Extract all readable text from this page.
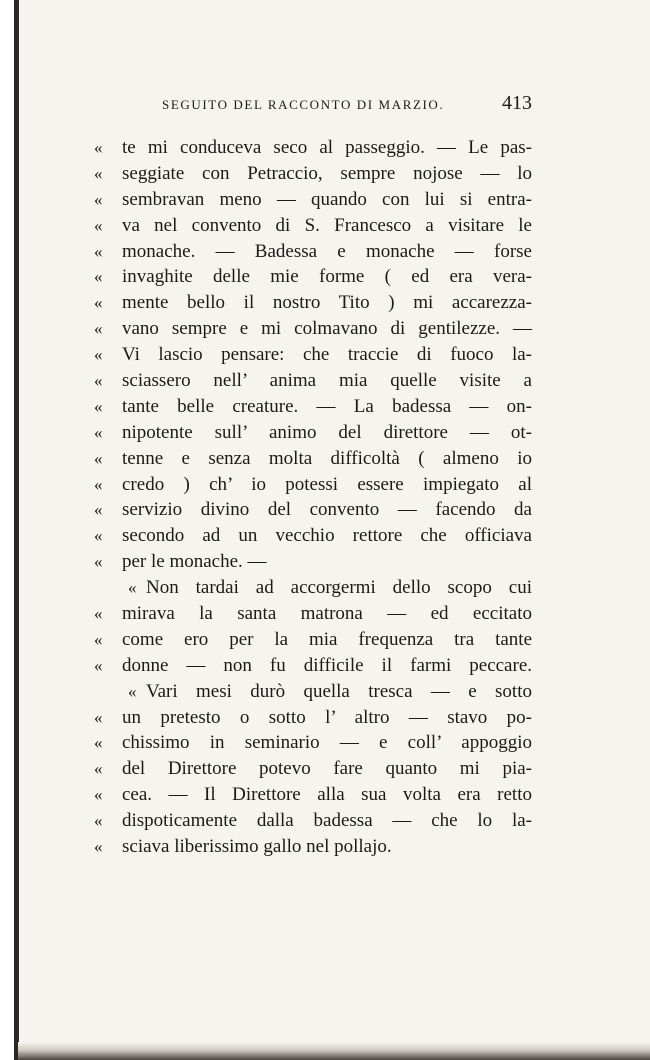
SEGUITO DEL RACCONTO DI MARZIO.	413
« te mi conduceva seco al passeggio. — Le pas-
« seggiate con Petraccio, sempre nojose — lo
« sembravan meno — quando con lui si entra-
« va nel convento di S. Francesco a visitare le
« monache. — Badessa e monache — forse
« invaghite delle mie forme ( ed era vera-
« mente bello il nostro Tito ) mi accarezza-
« vano sempre e mi colmavano di gentilezze. —
« Vi lascio pensare: che traccie di fuoco la-
« sciassero nell’ anima mia quelle visite a
« tante belle creature. — La badessa — on-
« nipotente sull’ animo del direttore — ot-
« tenne e senza molta difficoltà ( almeno io
« credo ) ch’ io potessi essere impiegato al
« servizio divino del convento — facendo da
« secondo ad un vecchio rettore che officiava
« per le monache. —
« Non tardai ad accorgermi dello scopo cui
« mirava la santa matrona — ed eccitato
« come ero per la mia frequenza tra tante
« donne — non fu difficile il farmi peccare.
« Vari mesi durò quella tresca — e sotto
« un pretesto o sotto l’ altro — stavo po-
« chissimo in seminario — e coll’ appoggio
« del Direttore potevo fare quanto mi pia-
« cea. — Il Direttore alla sua volta era retto
« dispoticamente dalla badessa — che lo la-
« sciava liberissimo gallo nel pollajo.
